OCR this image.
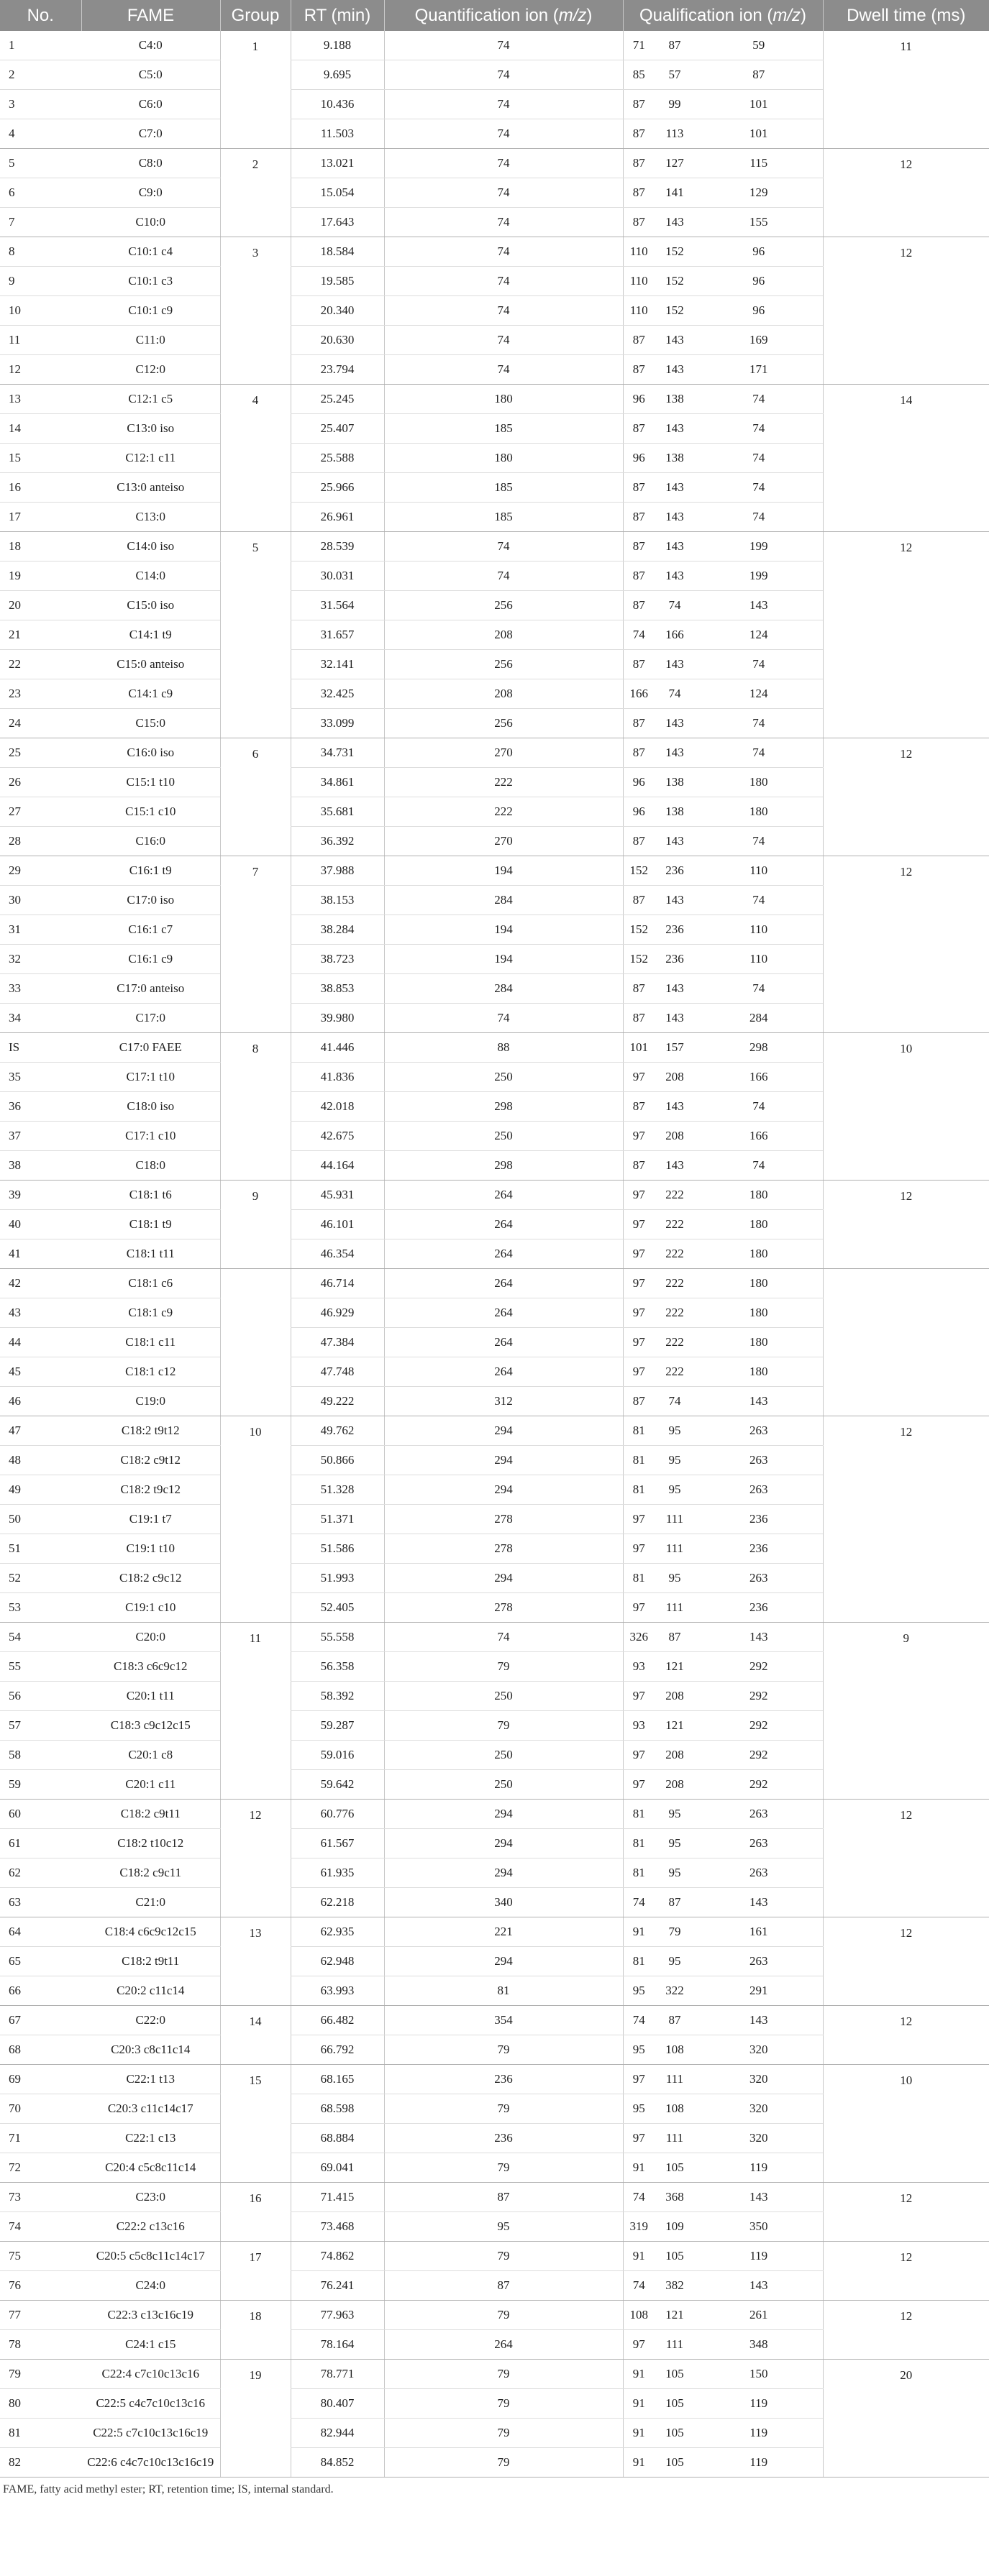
No.	FAME	Group	RT (min)	Quantification ion (m/z)	Qualification ion (m/z)			Dwell time (ms)
1	C4:0	1	9.188	74	71	87	59	11
2	C5:0		9.695	74	85	57	87	
3	C6:0		10.436	74	87	99	101	
4	C7:0		11.503	74	87	113	101	
5	C8:0	2	13.021	74	87	127	115	12
6	C9:0		15.054	74	87	141	129	
7	C10:0		17.643	74	87	143	155	
8	C10:1 c4	3	18.584	74	110	152	96	12
9	C10:1 c3		19.585	74	110	152	96	
10	C10:1 c9		20.340	74	110	152	96	
11	C11:0		20.630	74	87	143	169	
12	C12:0		23.794	74	87	143	171	
13	C12:1 c5	4	25.245	180	96	138	74	14
14	C13:0 iso		25.407	185	87	143	74	
15	C12:1 c11		25.588	180	96	138	74	
16	C13:0 anteiso		25.966	185	87	143	74	
17	C13:0		26.961	185	87	143	74	
18	C14:0 iso	5	28.539	74	87	143	199	12
19	C14:0		30.031	74	87	143	199	
20	C15:0 iso		31.564	256	87	74	143	
21	C14:1 t9		31.657	208	74	166	124	
22	C15:0 anteiso		32.141	256	87	143	74	
23	C14:1 c9		32.425	208	166	74	124	
24	C15:0		33.099	256	87	143	74	
25	C16:0 iso	6	34.731	270	87	143	74	12
26	C15:1 t10		34.861	222	96	138	180	
27	C15:1 c10		35.681	222	96	138	180	
28	C16:0		36.392	270	87	143	74	
29	C16:1 t9	7	37.988	194	152	236	110	12
30	C17:0 iso		38.153	284	87	143	74	
31	C16:1 c7		38.284	194	152	236	110	
32	C16:1 c9		38.723	194	152	236	110	
33	C17:0 anteiso		38.853	284	87	143	74	
34	C17:0		39.980	74	87	143	284	
IS	C17:0 FAEE	8	41.446	88	101	157	298	10
35	C17:1 t10		41.836	250	97	208	166	
36	C18:0 iso		42.018	298	87	143	74	
37	C17:1 c10		42.675	250	97	208	166	
38	C18:0		44.164	298	87	143	74	
39	C18:1 t6	9	45.931	264	97	222	180	12
40	C18:1 t9		46.101	264	97	222	180	
41	C18:1 t11		46.354	264	97	222	180	
42	C18:1 c6		46.714	264	97	222	180	
43	C18:1 c9		46.929	264	97	222	180	
44	C18:1 c11		47.384	264	97	222	180	
45	C18:1 c12		47.748	264	97	222	180	
46	C19:0		49.222	312	87	74	143	
47	C18:2 t9t12	10	49.762	294	81	95	263	12
48	C18:2 c9t12		50.866	294	81	95	263	
49	C18:2 t9c12		51.328	294	81	95	263	
50	C19:1 t7		51.371	278	97	111	236	
51	C19:1 t10		51.586	278	97	111	236	
52	C18:2 c9c12		51.993	294	81	95	263	
53	C19:1 c10		52.405	278	97	111	236	
54	C20:0	11	55.558	74	326	87	143	9
55	C18:3 c6c9c12		56.358	79	93	121	292	
56	C20:1 t11		58.392	250	97	208	292	
57	C18:3 c9c12c15		59.287	79	93	121	292	
58	C20:1 c8		59.016	250	97	208	292	
59	C20:1 c11		59.642	250	97	208	292	
60	C18:2 c9t11	12	60.776	294	81	95	263	12
61	C18:2 t10c12		61.567	294	81	95	263	
62	C18:2 c9c11		61.935	294	81	95	263	
63	C21:0		62.218	340	74	87	143	
64	C18:4 c6c9c12c15	13	62.935	221	91	79	161	12
65	C18:2 t9t11		62.948	294	81	95	263	
66	C20:2 c11c14		63.993	81	95	322	291	
67	C22:0	14	66.482	354	74	87	143	12
68	C20:3 c8c11c14		66.792	79	95	108	320	
69	C22:1 t13	15	68.165	236	97	111	320	10
70	C20:3 c11c14c17		68.598	79	95	108	320	
71	C22:1 c13		68.884	236	97	111	320	
72	C20:4 c5c8c11c14		69.041	79	91	105	119	
73	C23:0	16	71.415	87	74	368	143	12
74	C22:2 c13c16		73.468	95	319	109	350	
75	C20:5 c5c8c11c14c17	17	74.862	79	91	105	119	12
76	C24:0		76.241	87	74	382	143	
77	C22:3 c13c16c19	18	77.963	79	108	121	261	12
78	C24:1 c15		78.164	264	97	111	348	
79	C22:4 c7c10c13c16	19	78.771	79	91	105	150	20
80	C22:5 c4c7c10c13c16		80.407	79	91	105	119	
81	C22:5 c7c10c13c16c19		82.944	79	91	105	119	
82	C22:6 c4c7c10c13c16c19		84.852	79	91	105	119	
FAME, fatty acid methyl ester; RT, retention time; IS, internal standard.
